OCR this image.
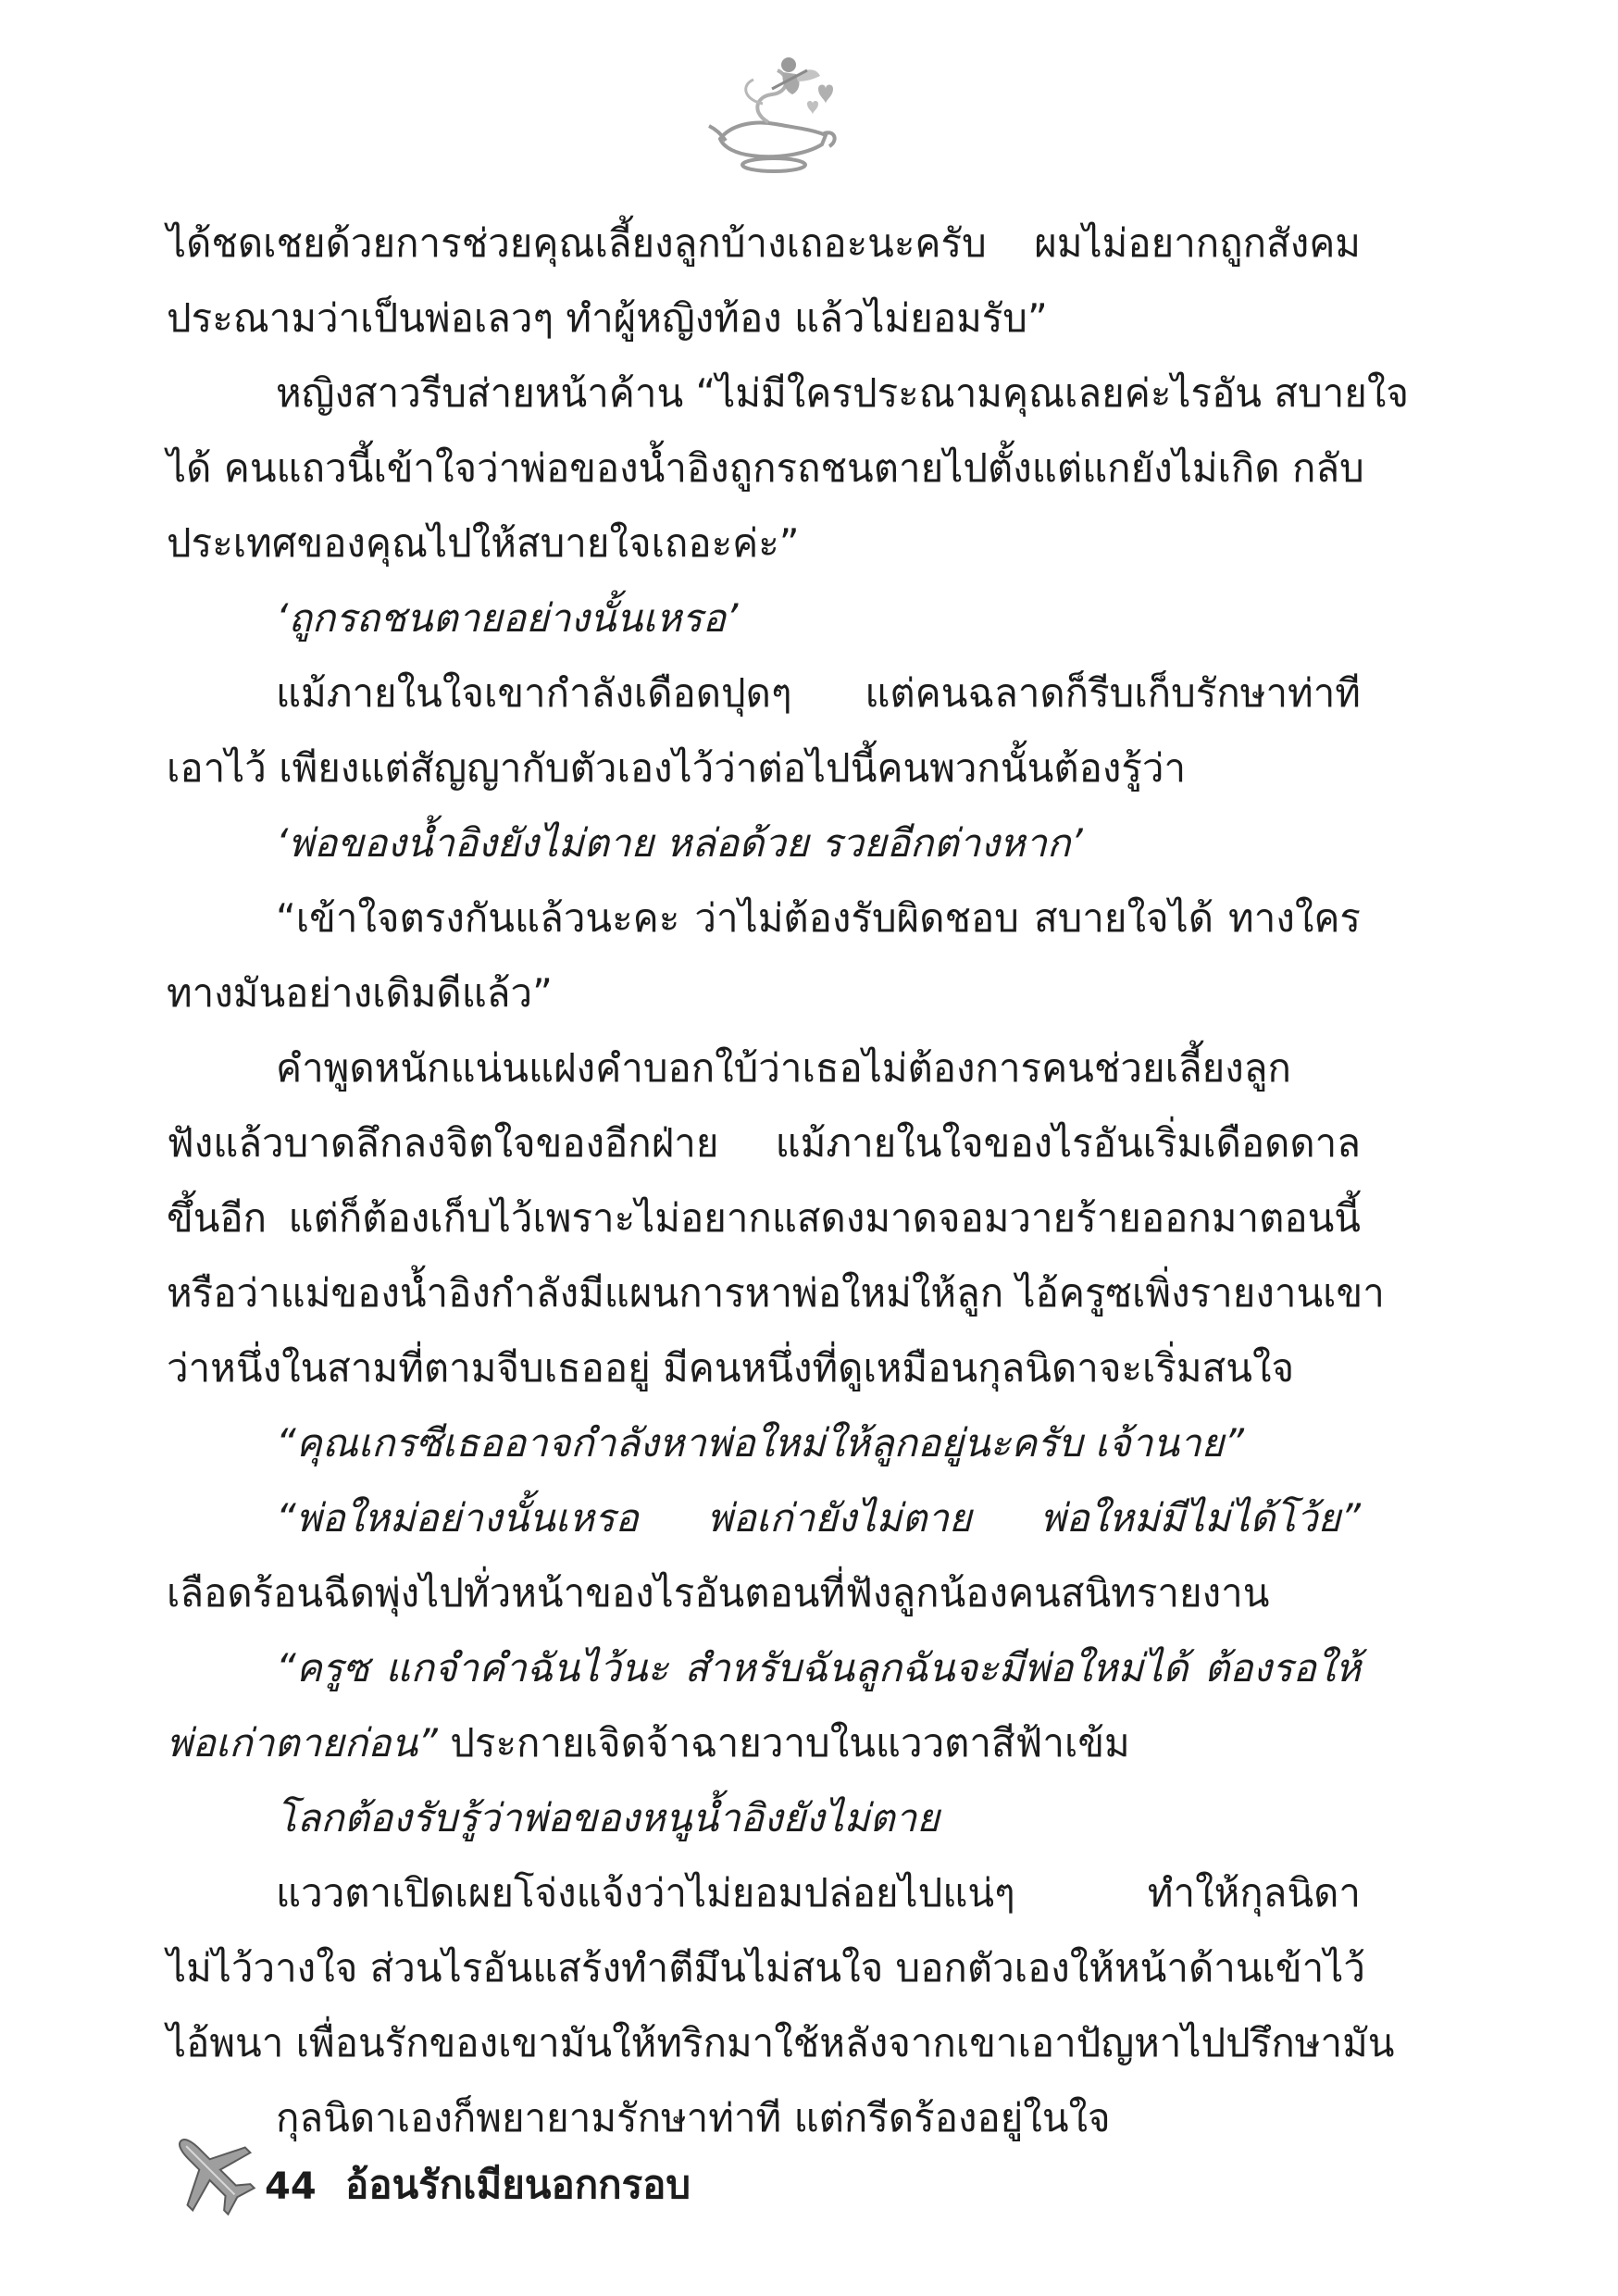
ได้ชดเชยด้วยการช่วยคุณเลี้ยงลูกบ้างเถอะนะครับ ผมไม่อยากถูกสังคม
ประณามว่าเป็นพ่อเลวๆ ทำผู้หญิงท้อง แล้วไม่ยอมรับ”
หญิงสาวรีบส่ายหน้าค้าน “ไม่มีใครประณามคุณเลยค่ะไรอัน สบายใจ
ได้ คนแถวนี้เข้าใจว่าพ่อของน้ำอิงถูกรถชนตายไปตั้งแต่แกยังไม่เกิด กลับ
ประเทศของคุณไปให้สบายใจเถอะค่ะ”
‘ถูกรถชนตายอย่างนั้นเหรอ’
แม้ภายในใจเขากำลังเดือดปุดๆ แต่คนฉลาดก็รีบเก็บรักษาท่าที
เอาไว้ เพียงแต่สัญญากับตัวเองไว้ว่าต่อไปนี้คนพวกนั้นต้องรู้ว่า
‘พ่อของน้ำอิงยังไม่ตาย หล่อด้วย รวยอีกต่างหาก’
“เข้าใจตรงกันแล้วนะคะ ว่าไม่ต้องรับผิดชอบ สบายใจได้ ทางใคร
ทางมันอย่างเดิมดีแล้ว”
คำพูดหนักแน่นแฝงคำบอกใบ้ว่าเธอไม่ต้องการคนช่วยเลี้ยงลูก
ฟังแล้วบาดลึกลงจิตใจของอีกฝ่าย แม้ภายในใจของไรอันเริ่มเดือดดาล
ขึ้นอีก แต่ก็ต้องเก็บไว้เพราะไม่อยากแสดงมาดจอมวายร้ายออกมาตอนนี้
หรือว่าแม่ของน้ำอิงกำลังมีแผนการหาพ่อใหม่ให้ลูก ไอ้ครูซเพิ่งรายงานเขา
ว่าหนึ่งในสามที่ตามจีบเธออยู่ มีคนหนึ่งที่ดูเหมือนกุลนิดาจะเริ่มสนใจ
“คุณเกรซีเธออาจกำลังหาพ่อใหม่ให้ลูกอยู่นะครับ เจ้านาย”
“พ่อใหม่อย่างนั้นเหรอ พ่อเก่ายังไม่ตาย พ่อใหม่มีไม่ได้โว้ย”
เลือดร้อนฉีดพุ่งไปทั่วหน้าของไรอันตอนที่ฟังลูกน้องคนสนิทรายงาน
“ครูซ แกจำคำฉันไว้นะ สำหรับฉันลูกฉันจะมีพ่อใหม่ได้ ต้องรอให้
พ่อเก่าตายก่อน” ประกายเจิดจ้าฉายวาบในแววตาสีฟ้าเข้ม
โลกต้องรับรู้ว่าพ่อของหนูน้ำอิงยังไม่ตาย
แววตาเปิดเผยโจ่งแจ้งว่าไม่ยอมปล่อยไปแน่ๆ ทำให้กุลนิดา
ไม่ไว้วางใจ ส่วนไรอันแสร้งทำตีมึนไม่สนใจ บอกตัวเองให้หน้าด้านเข้าไว้
ไอ้พนา เพื่อนรักของเขามันให้ทริกมาใช้หลังจากเขาเอาปัญหาไปปรึกษามัน
กุลนิดาเองก็พยายามรักษาท่าที แต่กรีดร้องอยู่ในใจ
44 อ้อนรักเมียนอกกรอบ
